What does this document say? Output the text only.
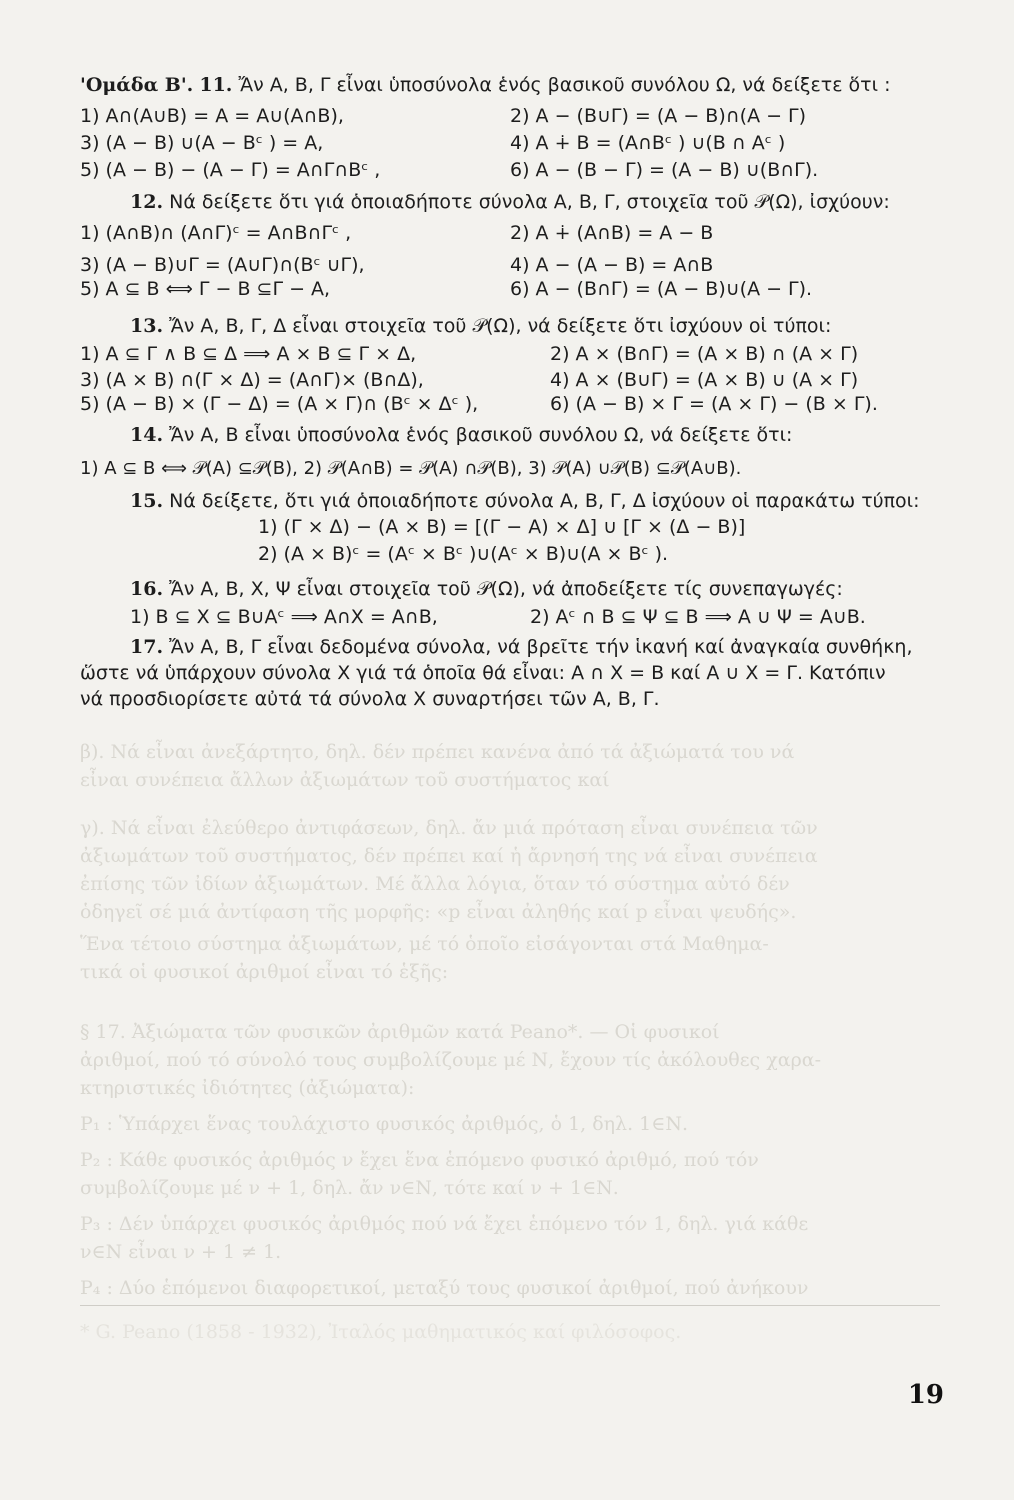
β). Νά εἶναι ἀνεξάρτητο, δηλ. δέν πρέπει κανένα ἀπό τά ἀξιώματά του νά
εἶναι συνέπεια ἄλλων ἀξιωμάτων τοῦ συστήματος καί
γ). Νά εἶναι ἐλεύθερο ἀντιφάσεων, δηλ. ἄν μιά πρόταση εἶναι συνέπεια τῶν
ἀξιωμάτων τοῦ συστήματος, δέν πρέπει καί ἡ ἄρνησή της νά εἶναι συνέπεια
ἐπίσης τῶν ἰδίων ἀξιωμάτων. Μέ ἄλλα λόγια, ὅταν τό σύστημα αὐτό δέν
ὁδηγεῖ σέ μιά ἀντίφαση τῆς μορφῆς: «p εἶναι ἀληθής καί p εἶναι ψευδής».
Ἕνα τέτοιο σύστημα ἀξιωμάτων, μέ τό ὁποῖο εἰσάγονται στά Μαθημα-
τικά οἱ φυσικοί ἀριθμοί εἶναι τό ἑξῆς:
§ 17. Ἀξιώματα τῶν φυσικῶν ἀριθμῶν κατά Peano*. — Οἱ φυσικοί
ἀριθμοί, πού τό σύνολό τους συμβολίζουμε μέ Ν, ἔχουν τίς ἀκόλουθες χαρα-
κτηριστικές ἰδιότητες (ἀξιώματα):
Ρ₁ : Ὑπάρχει ἕνας τουλάχιστο φυσικός ἀριθμός, ὁ 1, δηλ. 1∈Ν.
Ρ₂ : Κάθε φυσικός ἀριθμός ν ἔχει ἕνα ἑπόμενο φυσικό ἀριθμό, πού τόν
συμβολίζουμε μέ ν + 1, δηλ. ἄν ν∈Ν, τότε καί ν + 1∈Ν.
Ρ₃ : Δέν ὑπάρχει φυσικός ἀριθμός πού νά ἔχει ἑπόμενο τόν 1, δηλ. γιά κάθε
ν∈Ν εἶναι ν + 1 ≠ 1.
Ρ₄ : Δύο ἑπόμενοι διαφορετικοί, μεταξύ τους φυσικοί ἀριθμοί, πού ἀνήκουν
* G. Peano (1858 - 1932), Ἰταλός μαθηματικός καί φιλόσοφος.
'Ομάδα Β'. 11. Ἄν Α, Β, Γ εἶναι ὑποσύνολα ἑνός βασικοῦ συνόλου Ω, νά δείξετε ὅτι :
1) Α∩(Α∪Β) = Α = Α∪(Α∩Β),	2) Α − (Β∪Γ) = (Α − Β)∩(Α − Γ)
3) (Α − Β) ∪(Α − Βᶜ ) = Α,	4) Α ∔ Β = (Α∩Βᶜ ) ∪(Β ∩ Αᶜ )
5) (Α − Β) − (Α − Γ) = Α∩Γ∩Βᶜ ,	6) Α − (Β − Γ) = (Α − Β) ∪(Β∩Γ).
12. Νά δείξετε ὅτι γιά ὁποιαδήποτε σύνολα Α, Β, Γ, στοιχεῖα τοῦ 𝒫(Ω), ἰσχύουν:
1) (Α∩Β)∩ (Α∩Γ)ᶜ = Α∩Β∩Γᶜ ,	2) Α ∔ (Α∩Β) = Α − Β
3) (Α − Β)∪Γ = (Α∪Γ)∩(Βᶜ ∪Γ),	4) Α − (Α − Β) = Α∩Β
5) Α ⊆ Β ⟺ Γ − Β ⊆Γ − Α,	6) Α − (Β∩Γ) = (Α − Β)∪(Α − Γ).
13. Ἄν Α, Β, Γ, Δ εἶναι στοιχεῖα τοῦ 𝒫(Ω), νά δείξετε ὅτι ἰσχύουν οἱ τύποι:
1) Α ⊆ Γ ∧ Β ⊆ Δ ⟹ Α × Β ⊆ Γ × Δ,	2) Α × (Β∩Γ) = (Α × Β) ∩ (Α × Γ)
3) (Α × Β) ∩(Γ × Δ) = (Α∩Γ)× (Β∩Δ),	4) Α × (Β∪Γ) = (Α × Β) ∪ (Α × Γ)
5) (Α − Β) × (Γ − Δ) = (Α × Γ)∩ (Βᶜ × Δᶜ ),	6) (Α − Β) × Γ = (Α × Γ) − (Β × Γ).
14. Ἄν Α, Β εἶναι ὑποσύνολα ἑνός βασικοῦ συνόλου Ω, νά δείξετε ὅτι:
1) Α ⊆ Β ⟺ 𝒫(Α) ⊆𝒫(Β), 2) 𝒫(Α∩Β) = 𝒫(Α) ∩𝒫(Β), 3) 𝒫(Α) ∪𝒫(Β) ⊆𝒫(Α∪Β).
15. Νά δείξετε, ὅτι γιά ὁποιαδήποτε σύνολα Α, Β, Γ, Δ ἰσχύουν οἱ παρακάτω τύποι:
1) (Γ × Δ) − (Α × Β) = [(Γ − Α) × Δ] ∪ [Γ × (Δ − Β)]
2) (Α × Β)ᶜ = (Αᶜ × Βᶜ )∪(Αᶜ × Β)∪(Α × Βᶜ ).
16. Ἄν Α, Β, Χ, Ψ εἶναι στοιχεῖα τοῦ 𝒫(Ω), νά ἀποδείξετε τίς συνεπαγωγές:
1) Β ⊆ Χ ⊆ Β∪Αᶜ ⟹ Α∩Χ = Α∩Β,	2) Αᶜ ∩ Β ⊆ Ψ ⊆ Β ⟹ Α ∪ Ψ = Α∪Β.
17. Ἄν Α, Β, Γ εἶναι δεδομένα σύνολα, νά βρεῖτε τήν ἱκανή καί ἀναγκαία συνθήκη,
ὥστε νά ὑπάρχουν σύνολα Χ γιά τά ὁποῖα θά εἶναι: Α ∩ Χ = Β καί Α ∪ Χ = Γ. Κατόπιν
νά προσδιορίσετε αὐτά τά σύνολα Χ συναρτήσει τῶν Α, Β, Γ.
19
